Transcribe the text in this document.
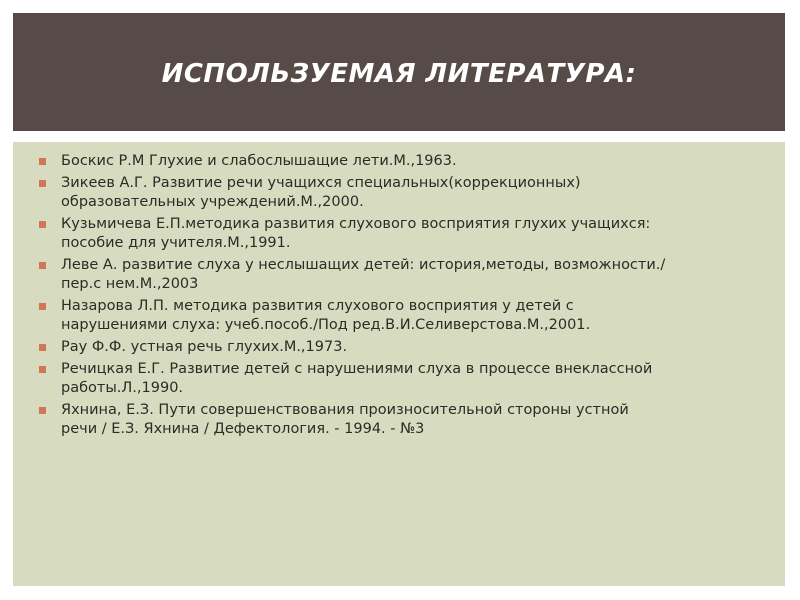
ИСПОЛЬЗУЕМАЯ ЛИТЕРАТУРА:
Боскис Р.М Глухие и слабослышащие лети.М.,1963.
Зикеев А.Г. Развитие речи учащихся специальных(коррекционных) образовательных учреждений.М.,2000.
Кузьмичева Е.П.методика развития слухового восприятия глухих учащихся: пособие для учителя.М.,1991.
Леве А. развитие слуха у неслышащих детей: история,методы, возможности./пер.с нем.М.,2003
Назарова Л.П. методика развития слухового восприятия у детей с нарушениями слуха: учеб.пособ./Под ред.В.И.Селиверстова.М.,2001.
Рау Ф.Ф. устная речь глухих.М.,1973.
Речицкая Е.Г. Развитие детей с нарушениями слуха в процессе внеклассной работы.Л.,1990.
Яхнина, Е.З. Пути совершенствования произносительной стороны устной речи / Е.З. Яхнина / Дефектология. - 1994. - №3
